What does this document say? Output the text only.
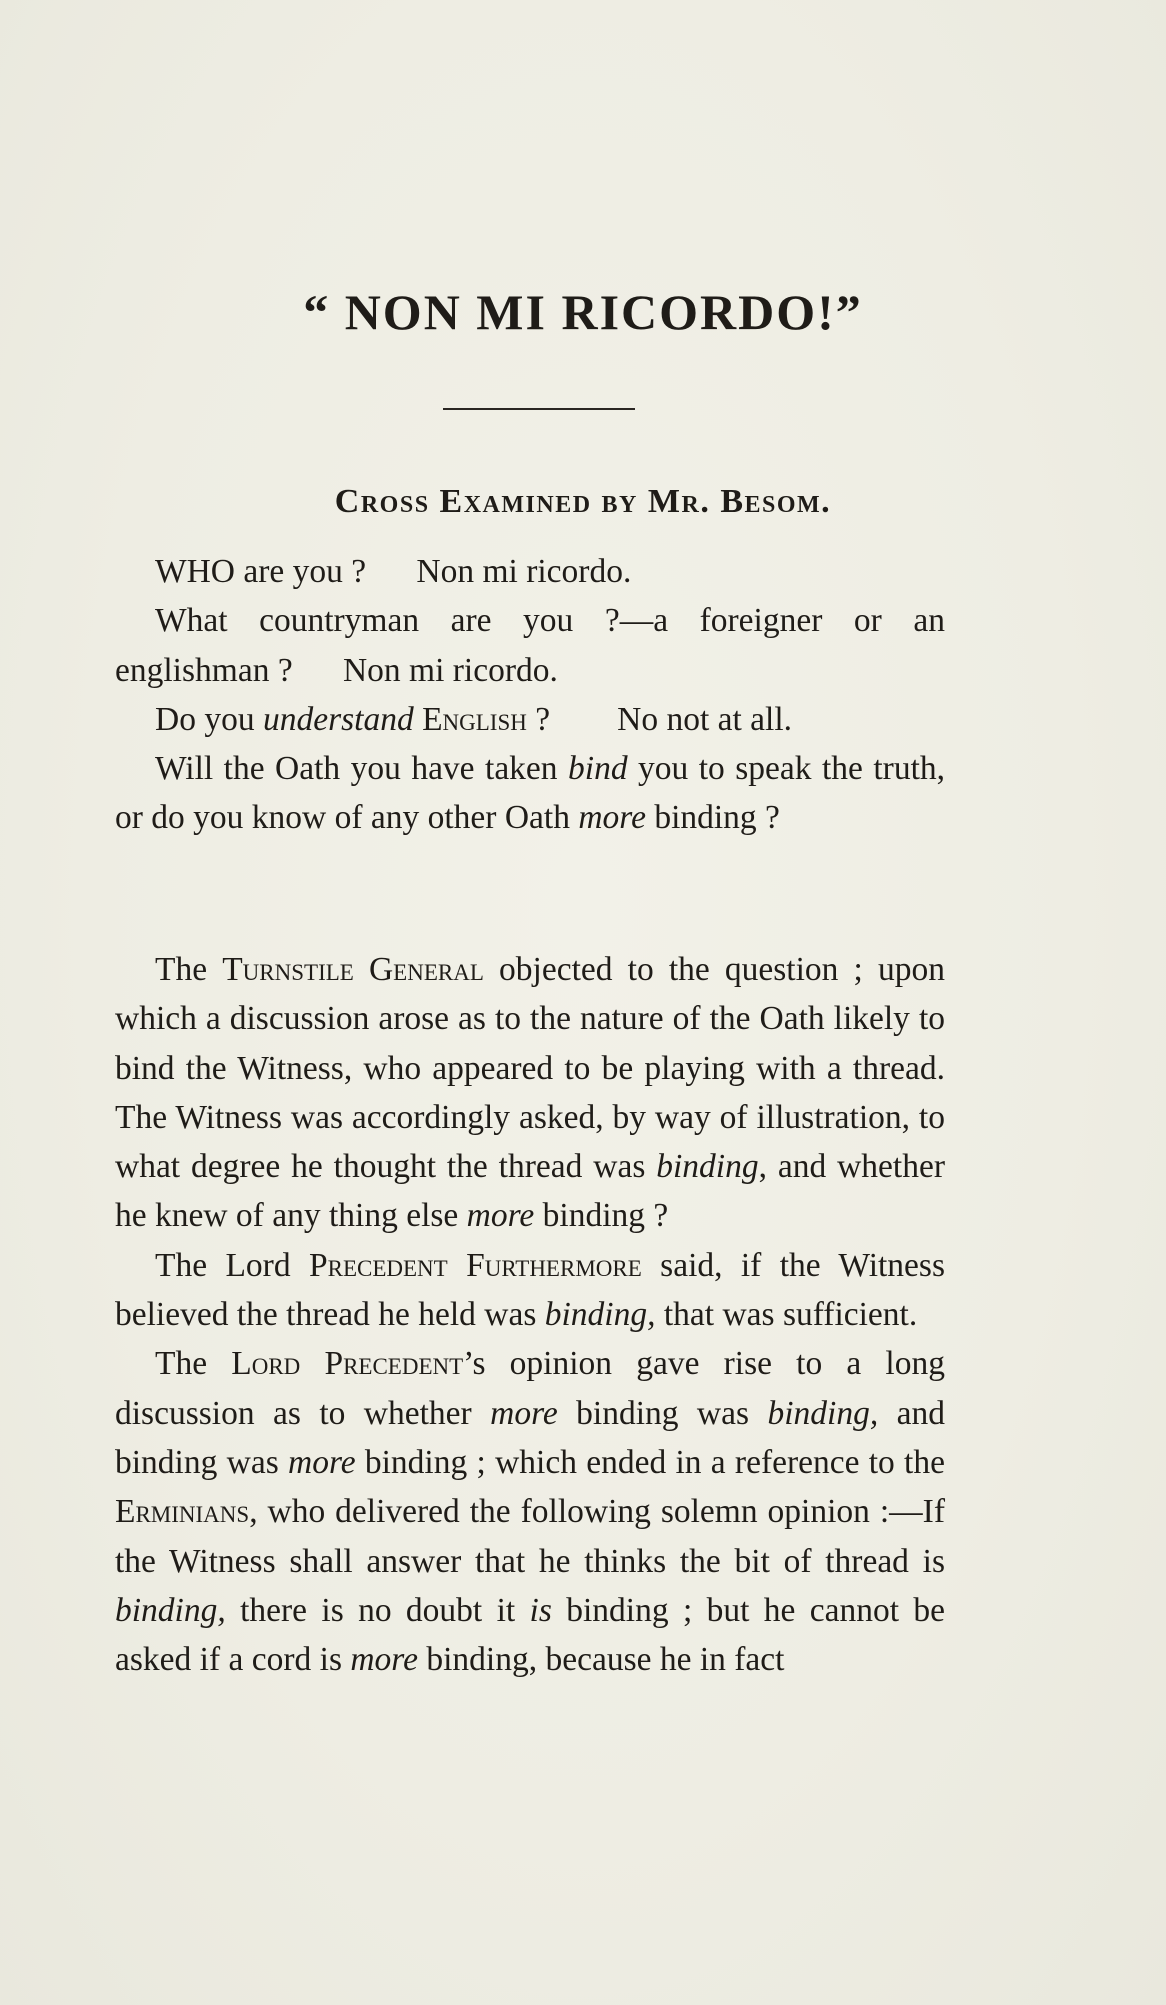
“ NON MI RICORDO!”
Cross Examined by Mr. Besom.

WHO are you ? Non mi ricordo.

What countryman are you ?—a foreigner or an englishman ? Non mi ricordo.

Do you understand English ? No not at all.

Will the Oath you have taken bind you to speak the truth, or do you know of any other Oath more binding ?

The Turnstile General objected to the question ; upon which a discussion arose as to the nature of the Oath likely to bind the Witness, who appeared to be playing with a thread. The Witness was accordingly asked, by way of illustration, to what degree he thought the thread was binding, and whether he knew of any thing else more binding ?

The Lord Precedent Furthermore said, if the Witness believed the thread he held was binding, that was sufficient.

The Lord Precedent’s opinion gave rise to a long discussion as to whether more binding was binding, and binding was more binding ; which ended in a reference to the Erminians, who delivered the following solemn opinion :—If the Witness shall answer that he thinks the bit of thread is binding, there is no doubt it is binding ; but he cannot be asked if a cord is more binding, because he in fact
